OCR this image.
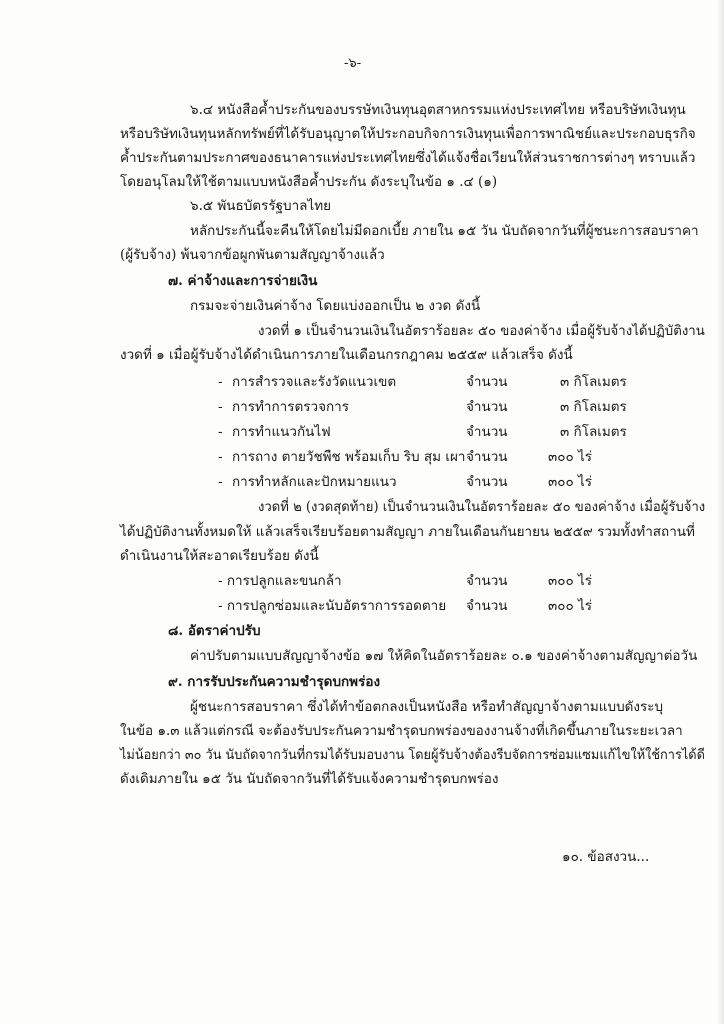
-๖-
๖.๔ หนังสือค้ำประกันของบรรษัทเงินทุนอุตสาหกรรมแห่งประเทศไทย หรือบริษัทเงินทุน
หรือบริษัทเงินทุนหลักทรัพย์ที่ได้รับอนุญาตให้ประกอบกิจการเงินทุนเพื่อการพาณิชย์และประกอบธุรกิจ
ค้ำประกันตามประกาศของธนาคารแห่งประเทศไทยซึ่งได้แจ้งชื่อเวียนให้ส่วนราชการต่างๆ ทราบแล้ว
โดยอนุโลมให้ใช้ตามแบบหนังสือค้ำประกัน ดังระบุในข้อ ๑ .๔ (๑)
๖.๕ พันธบัตรรัฐบาลไทย
หลักประกันนี้จะคืนให้โดยไม่มีดอกเบี้ย ภายใน ๑๕ วัน นับถัดจากวันที่ผู้ชนะการสอบราคา
(ผู้รับจ้าง) พ้นจากข้อผูกพันตามสัญญาจ้างแล้ว
๗. ค่าจ้างและการจ่ายเงิน
กรมจะจ่ายเงินค่าจ้าง โดยแบ่งออกเป็น ๒ งวด ดังนี้
งวดที่ ๑ เป็นจำนวนเงินในอัตราร้อยละ ๕๐ ของค่าจ้าง เมื่อผู้รับจ้างได้ปฏิบัติงาน
งวดที่ ๑ เมื่อผู้รับจ้างได้ดำเนินการภายในเดือนกรกฎาคม ๒๕๕๙ แล้วเสร็จ ดังนี้
- การสำรวจและรังวัดแนวเขต	จำนวน	๓ กิโลเมตร
- การทำการตรวจการ	จำนวน	๓ กิโลเมตร
- การทำแนวกันไฟ	จำนวน	๓ กิโลเมตร
- การถาง ตายวัชพืช พร้อมเก็บ ริบ สุม เผา จำนวน	๓๐๐ ไร่
- การทำหลักและปักหมายแนว	จำนวน	๓๐๐ ไร่
งวดที่ ๒ (งวดสุดท้าย) เป็นจำนวนเงินในอัตราร้อยละ ๕๐ ของค่าจ้าง เมื่อผู้รับจ้าง
ได้ปฏิบัติงานทั้งหมดให้ แล้วเสร็จเรียบร้อยตามสัญญา ภายในเดือนกันยายน ๒๕๕๙ รวมทั้งทำสถานที่
ดำเนินงานให้สะอาดเรียบร้อย ดังนี้
- การปลูกและขนกล้า	จำนวน	๓๐๐ ไร่
- การปลูกซ่อมและนับอัตราการรอดตาย จำนวน	๓๐๐ ไร่
๘. อัตราค่าปรับ
ค่าปรับตามแบบสัญญาจ้างข้อ ๑๗ ให้คิดในอัตราร้อยละ ๐.๑ ของค่าจ้างตามสัญญาต่อวัน
๙. การรับประกันความชำรุดบกพร่อง
ผู้ชนะการสอบราคา ซึ่งได้ทำข้อตกลงเป็นหนังสือ หรือทำสัญญาจ้างตามแบบดังระบุ
ในข้อ ๑.๓ แล้วแต่กรณี จะต้องรับประกันความชำรุดบกพร่องของงานจ้างที่เกิดขึ้นภายในระยะเวลา
ไม่น้อยกว่า ๓๐ วัน นับถัดจากวันที่กรมได้รับมอบงาน โดยผู้รับจ้างต้องรีบจัดการซ่อมแซมแก้ไขให้ใช้การได้ดี
ดังเดิมภายใน ๑๕ วัน นับถัดจากวันที่ได้รับแจ้งความชำรุดบกพร่อง
๑๐. ข้อสงวน...
